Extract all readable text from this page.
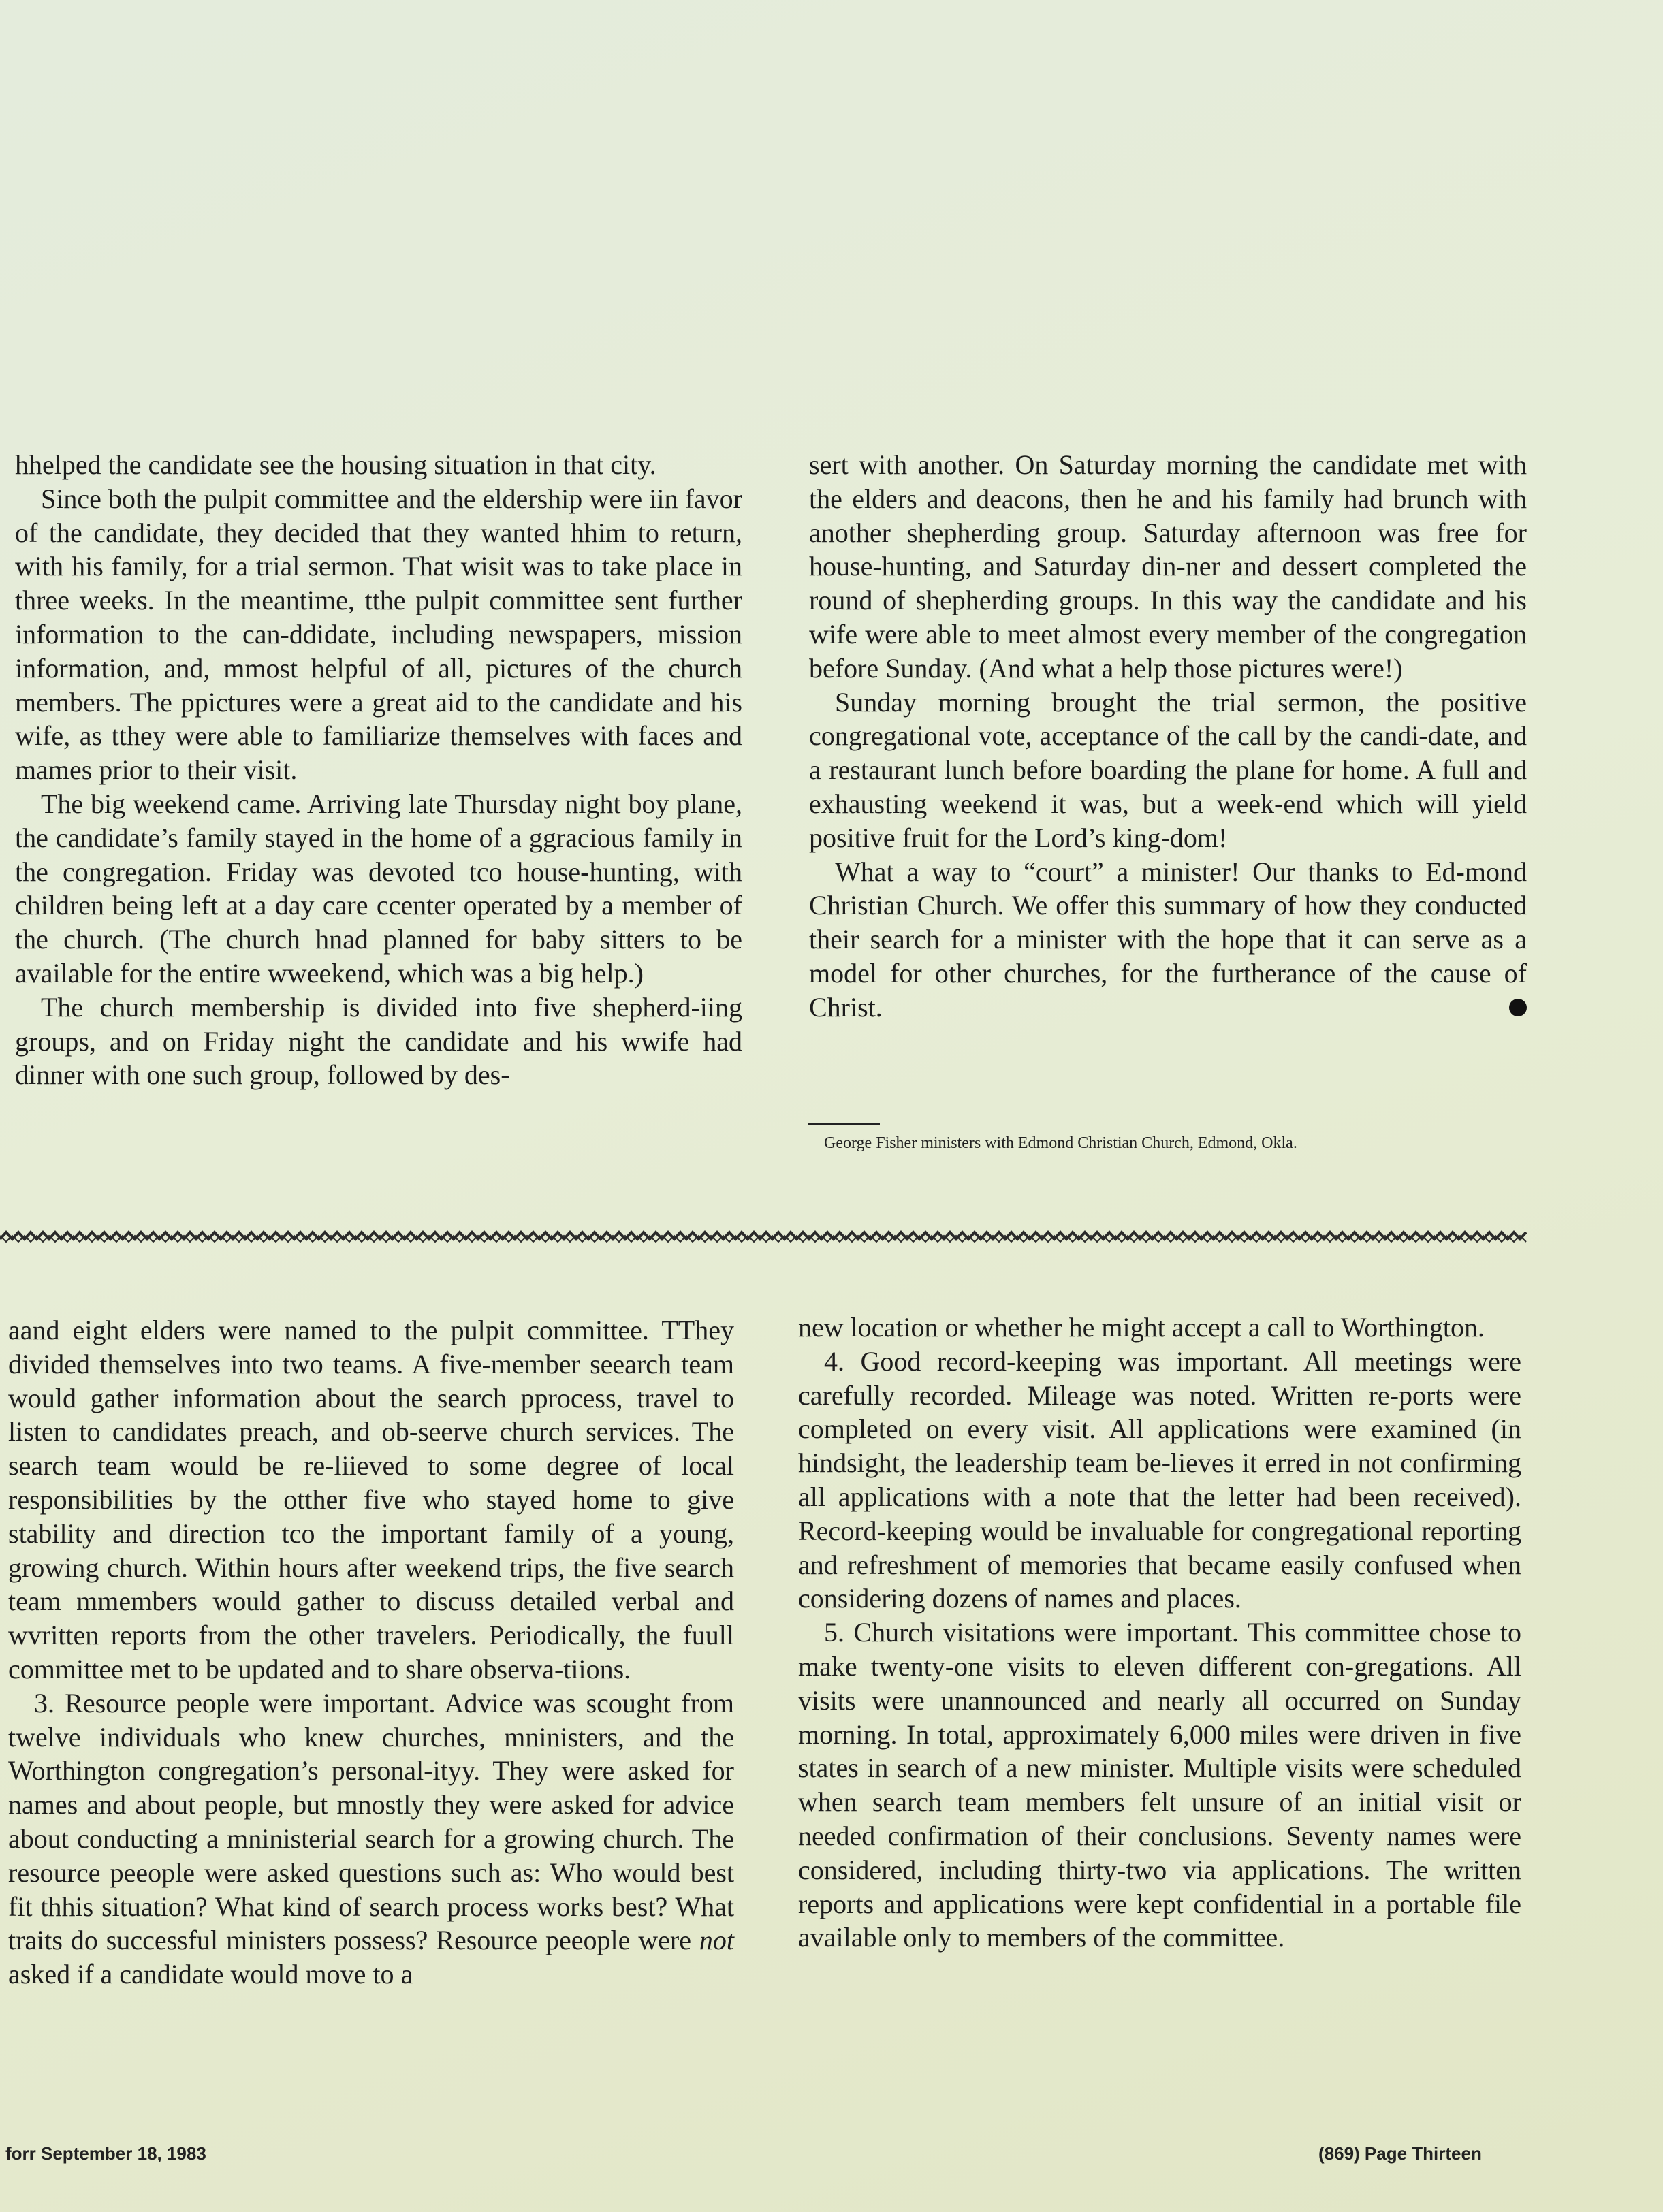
hhelped the candidate see the housing situation in that city.

Since both the pulpit committee and the eldership were iin favor of the candidate, they decided that they wanted hhim to return, with his family, for a trial sermon. That wisit was to take place in three weeks. In the meantime, tthe pulpit committee sent further information to the can-ddidate, including newspapers, mission information, and, mmost helpful of all, pictures of the church members. The ppictures were a great aid to the candidate and his wife, as tthey were able to familiarize themselves with faces and mames prior to their visit.

The big weekend came. Arriving late Thursday night boy plane, the candidate’s family stayed in the home of a ggracious family in the congregation. Friday was devoted tco house-hunting, with children being left at a day care ccenter operated by a member of the church. (The church hnad planned for baby sitters to be available for the entire wweekend, which was a big help.)

The church membership is divided into five shepherd-iing groups, and on Friday night the candidate and his wwife had dinner with one such group, followed by des-

sert with another. On Saturday morning the candidate met with the elders and deacons, then he and his family had brunch with another shepherding group. Saturday afternoon was free for house-hunting, and Saturday din-ner and dessert completed the round of shepherding groups. In this way the candidate and his wife were able to meet almost every member of the congregation before Sunday. (And what a help those pictures were!)

Sunday morning brought the trial sermon, the positive congregational vote, acceptance of the call by the candi-date, and a restaurant lunch before boarding the plane for home. A full and exhausting weekend it was, but a week-end which will yield positive fruit for the Lord’s king-dom!

What a way to “court” a minister! Our thanks to Ed-mond Christian Church. We offer this summary of how they conducted their search for a minister with the hope that it can serve as a model for other churches, for the furtherance of the cause of Christ.

George Fisher ministers with Edmond Christian Church, Edmond, Okla.

aand eight elders were named to the pulpit committee. TThey divided themselves into two teams. A five-member seearch team would gather information about the search pprocess, travel to listen to candidates preach, and ob-seerve church services. The search team would be re-liieved to some degree of local responsibilities by the otther five who stayed home to give stability and direction tco the important family of a young, growing church. Within hours after weekend trips, the five search team mmembers would gather to discuss detailed verbal and wvritten reports from the other travelers. Periodically, the fuull committee met to be updated and to share observa-tiions.

3. Resource people were important. Advice was scought from twelve individuals who knew churches, mninisters, and the Worthington congregation’s personal-ityy. They were asked for names and about people, but mnostly they were asked for advice about conducting a mninisterial search for a growing church. The resource peeople were asked questions such as: Who would best fit thhis situation? What kind of search process works best? What traits do successful ministers possess? Resource peeople were not asked if a candidate would move to a

new location or whether he might accept a call to Worthington.

4. Good record-keeping was important. All meetings were carefully recorded. Mileage was noted. Written re-ports were completed on every visit. All applications were examined (in hindsight, the leadership team be-lieves it erred in not confirming all applications with a note that the letter had been received). Record-keeping would be invaluable for congregational reporting and refreshment of memories that became easily confused when considering dozens of names and places.

5. Church visitations were important. This committee chose to make twenty-one visits to eleven different con-gregations. All visits were unannounced and nearly all occurred on Sunday morning. In total, approximately 6,000 miles were driven in five states in search of a new minister. Multiple visits were scheduled when search team members felt unsure of an initial visit or needed confirmation of their conclusions. Seventy names were considered, including thirty-two via applications. The written reports and applications were kept confidential in a portable file available only to members of the committee.

forr September 18, 1983	(869) Page Thirteen
